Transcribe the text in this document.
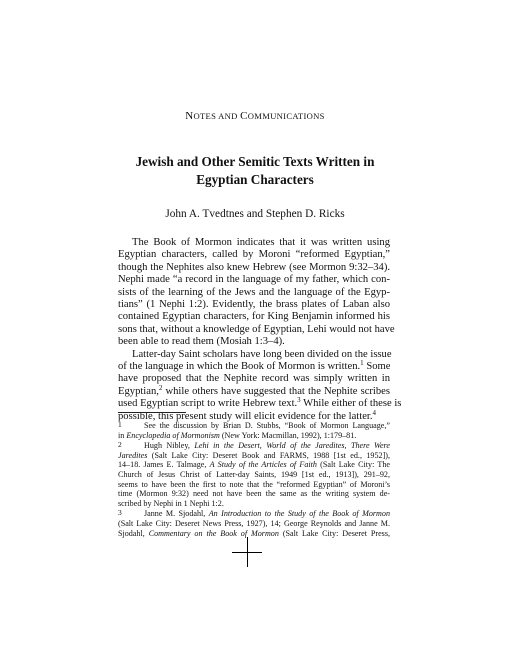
NOTES AND COMMUNICATIONS
Jewish and Other Semitic Texts Written in
Egyptian Characters
John A. Tvedtnes and Stephen D. Ricks
The Book of Mormon indicates that it was written using
Egyptian characters, called by Moroni “reformed Egyptian,”
though the Nephites also knew Hebrew (see Mormon 9:32–34).
Nephi made “a record in the language of my father, which con-
sists of the learning of the Jews and the language of the Egyp-
tians” (1 Nephi 1:2). Evidently, the brass plates of Laban also
contained Egyptian characters, for King Benjamin informed his
sons that, without a knowledge of Egyptian, Lehi would not have
been able to read them (Mosiah 1:3–4).
Latter-day Saint scholars have long been divided on the issue
of the language in which the Book of Mormon is written.$^1$ Some
have proposed that the Nephite record was simply written in
Egyptian,$^2$ while others have suggested that the Nephite scribes
used Egyptian script to write Hebrew text.$^3$ While either of these is
possible, this present study will elicit evidence for the latter.$^4$
1	See the discussion by Brian D. Stubbs, “Book of Mormon Language,”
in Encyclopedia of Mormonism (New York: Macmillan, 1992), 1:179–81.
2	Hugh Nibley, Lehi in the Desert, World of the Jaredites, There Were
Jaredites (Salt Lake City: Deseret Book and FARMS, 1988 [1st ed., 1952]),
14–18. James E. Talmage, A Study of the Articles of Faith (Salt Lake City: The
Church of Jesus Christ of Latter-day Saints, 1949 [1st ed., 1913]), 291–92,
seems to have been the first to note that the “reformed Egyptian” of Moroni’s
time (Mormon 9:32) need not have been the same as the writing system de-
scribed by Nephi in 1 Nephi 1:2.
3	Janne M. Sjodahl, An Introduction to the Study of the Book of Mormon
(Salt Lake City: Deseret News Press, 1927), 14; George Reynolds and Janne M.
Sjodahl, Commentary on the Book of Mormon (Salt Lake City: Deseret Press,
